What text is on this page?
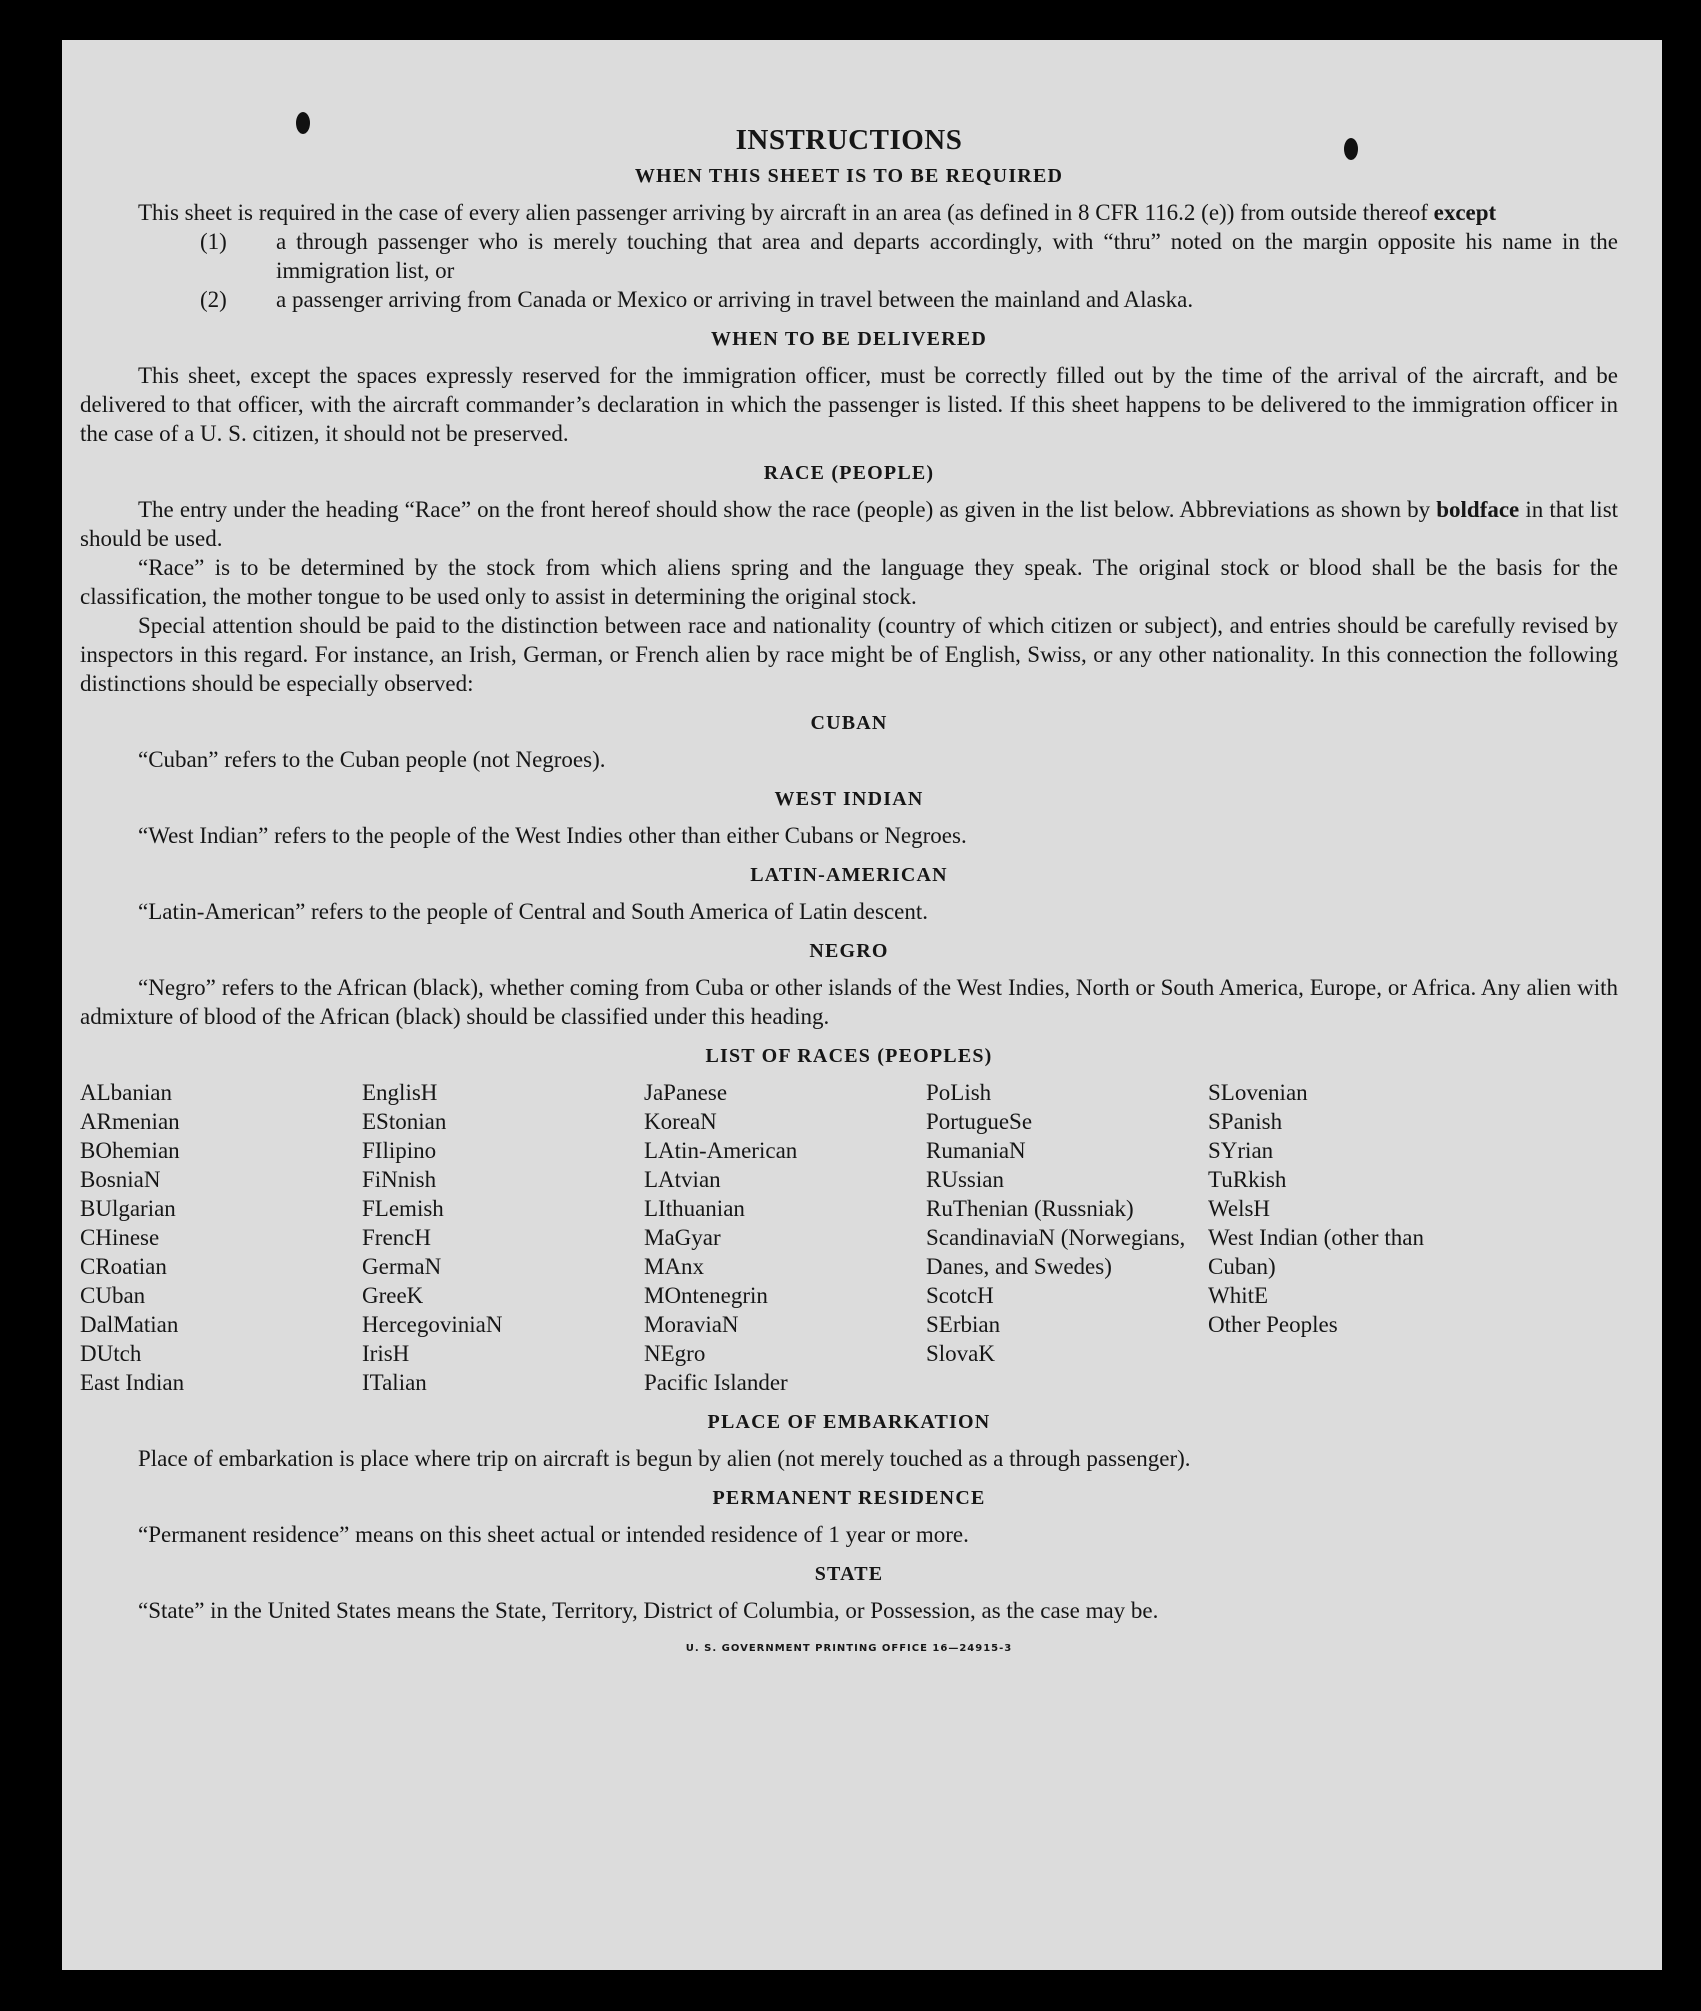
INSTRUCTIONS
WHEN THIS SHEET IS TO BE REQUIRED

This sheet is required in the case of every alien passenger arriving by aircraft in an area (as defined in 8 CFR 116.2 (e)) from outside thereof except

(1) a through passenger who is merely touching that area and departs accordingly, with “thru” noted on the margin opposite his name in the immigration list, or
(2) a passenger arriving from Canada or Mexico or arriving in travel between the mainland and Alaska.
WHEN TO BE DELIVERED

This sheet, except the spaces expressly reserved for the immigration officer, must be correctly filled out by the time of the arrival of the aircraft, and be delivered to that officer, with the aircraft commander’s declaration in which the passenger is listed. If this sheet happens to be delivered to the immigration officer in the case of a U. S. citizen, it should not be preserved.

RACE (PEOPLE)

The entry under the heading “Race” on the front hereof should show the race (people) as given in the list below. Abbreviations as shown by boldface in that list should be used.

“Race” is to be determined by the stock from which aliens spring and the language they speak. The original stock or blood shall be the basis for the classification, the mother tongue to be used only to assist in determining the original stock.

Special attention should be paid to the distinction between race and nationality (country of which citizen or subject), and entries should be carefully revised by inspectors in this regard. For instance, an Irish, German, or French alien by race might be of English, Swiss, or any other nationality. In this connection the following distinctions should be especially observed:

CUBAN

“Cuban” refers to the Cuban people (not Negroes).

WEST INDIAN

“West Indian” refers to the people of the West Indies other than either Cubans or Negroes.

LATIN-AMERICAN

“Latin-American” refers to the people of Central and South America of Latin descent.

NEGRO

“Negro” refers to the African (black), whether coming from Cuba or other islands of the West Indies, North or South America, Europe, or Africa. Any alien with admixture of blood of the African (black) should be classified under this heading.

LIST OF RACES (PEOPLES)
ALbanian
ARmenian
BOhemian
BosniaN
BUlgarian
CHinese
CRoatian
CUban
DalMatian
DUtch
East Indian
EnglisH
EStonian
FIlipino
FiNnish
FLemish
FrencH
GermaN
GreeK
HercegoviniaN
IrisH
ITalian
JaPanese
KoreaN
LAtin-American
LAtvian
LIthuanian
MaGyar
MAnx
MOntenegrin
MoraviaN
NEgro
Pacific Islander
PoLish
PortugueSe
RumaniaN
RUssian
RuThenian (Russniak)
ScandinaviaN (Norwegians, Danes, and Swedes)
ScotcH
SErbian
SlovaK
SLovenian
SPanish
SYrian
TuRkish
WelsH
West Indian (other than Cuban)
WhitE
Other Peoples
PLACE OF EMBARKATION

Place of embarkation is place where trip on aircraft is begun by alien (not merely touched as a through passenger).

PERMANENT RESIDENCE

“Permanent residence” means on this sheet actual or intended residence of 1 year or more.

STATE

“State” in the United States means the State, Territory, District of Columbia, or Possession, as the case may be.

U. S. GOVERNMENT PRINTING OFFICE 16—24915-3
